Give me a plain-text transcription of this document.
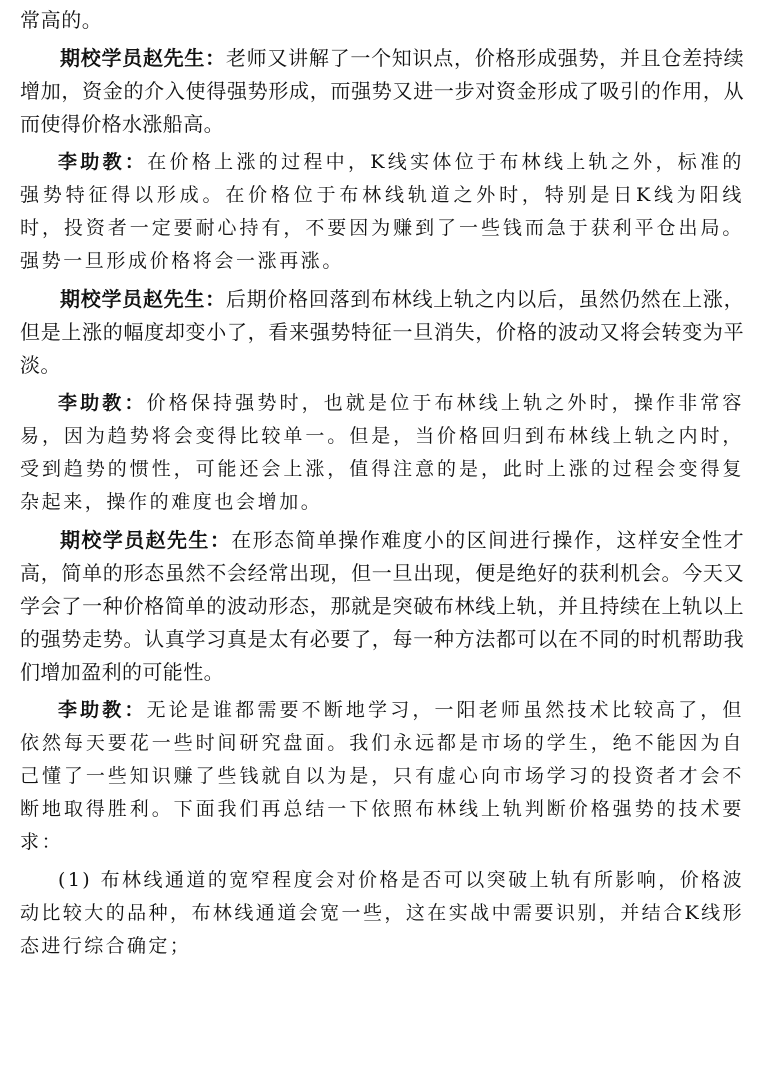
常高的。

期校学员赵先生：老师又讲解了一个知识点，价格形成强势，并且仓差持续增加，资金的介入使得强势形成，而强势又进一步对资金形成了吸引的作用，从而使得价格水涨船高。

李助教：在价格上涨的过程中，K线实体位于布林线上轨之外，标准的强势特征得以形成。在价格位于布林线轨道之外时，特别是日K线为阳线时，投资者一定要耐心持有，不要因为赚到了一些钱而急于获利平仓出局。强势一旦形成价格将会一涨再涨。

期校学员赵先生：后期价格回落到布林线上轨之内以后，虽然仍然在上涨，但是上涨的幅度却变小了，看来强势特征一旦消失，价格的波动又将会转变为平淡。

李助教：价格保持强势时，也就是位于布林线上轨之外时，操作非常容易，因为趋势将会变得比较单一。但是，当价格回归到布林线上轨之内时，受到趋势的惯性，可能还会上涨，值得注意的是，此时上涨的过程会变得复杂起来，操作的难度也会增加。

期校学员赵先生：在形态简单操作难度小的区间进行操作，这样安全性才高，简单的形态虽然不会经常出现，但一旦出现，便是绝好的获利机会。今天又学会了一种价格简单的波动形态，那就是突破布林线上轨，并且持续在上轨以上的强势走势。认真学习真是太有必要了，每一种方法都可以在不同的时机帮助我们增加盈利的可能性。

李助教：无论是谁都需要不断地学习，一阳老师虽然技术比较高了，但依然每天要花一些时间研究盘面。我们永远都是市场的学生，绝不能因为自己懂了一些知识赚了些钱就自以为是，只有虚心向市场学习的投资者才会不断地取得胜利。下面我们再总结一下依照布林线上轨判断价格强势的技术要求：

(1) 布林线通道的宽窄程度会对价格是否可以突破上轨有所影响，价格波动比较大的品种，布林线通道会宽一些，这在实战中需要识别，并结合K线形态进行综合确定；
